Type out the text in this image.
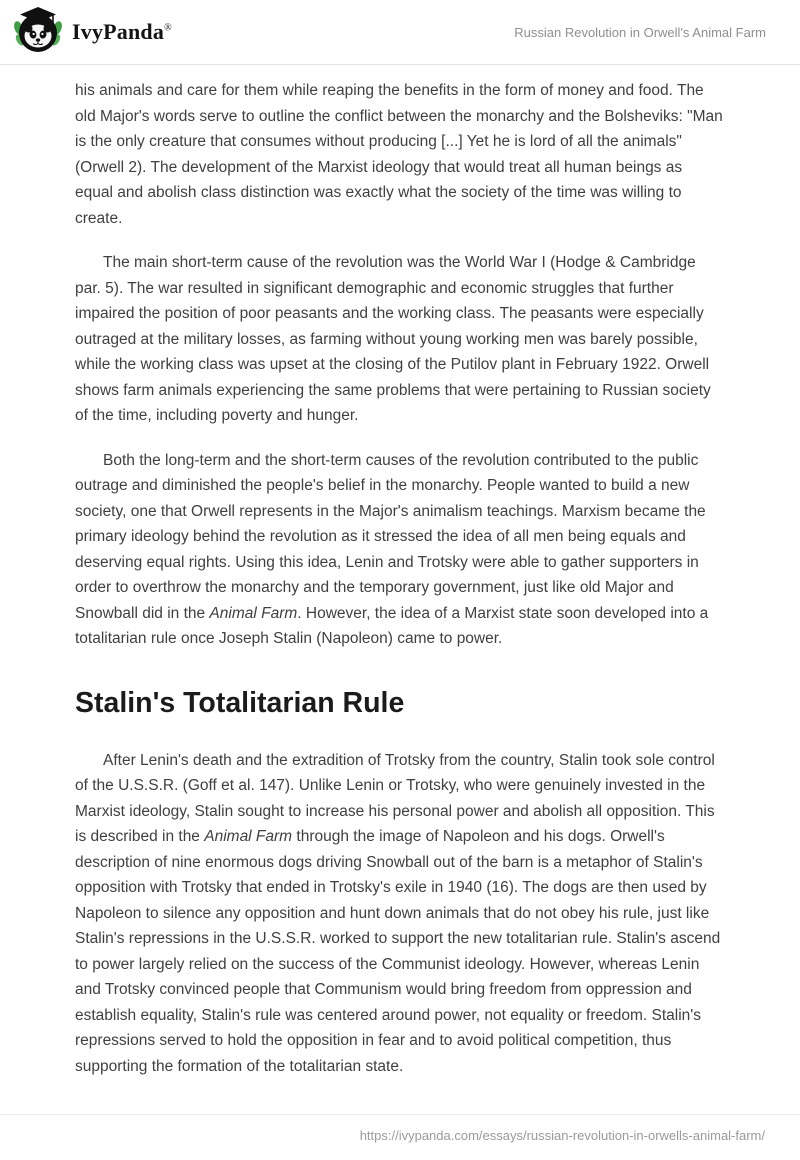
IvyPanda®	Russian Revolution in Orwell's Animal Farm

his animals and care for them while reaping the benefits in the form of money and food. The old Major's words serve to outline the conflict between the monarchy and the Bolsheviks: "Man is the only creature that consumes without producing [...] Yet he is lord of all the animals" (Orwell 2). The development of the Marxist ideology that would treat all human beings as equal and abolish class distinction was exactly what the society of the time was willing to create.

The main short-term cause of the revolution was the World War I (Hodge & Cambridge par. 5). The war resulted in significant demographic and economic struggles that further impaired the position of poor peasants and the working class. The peasants were especially outraged at the military losses, as farming without young working men was barely possible, while the working class was upset at the closing of the Putilov plant in February 1922. Orwell shows farm animals experiencing the same problems that were pertaining to Russian society of the time, including poverty and hunger.

Both the long-term and the short-term causes of the revolution contributed to the public outrage and diminished the people's belief in the monarchy. People wanted to build a new society, one that Orwell represents in the Major's animalism teachings. Marxism became the primary ideology behind the revolution as it stressed the idea of all men being equals and deserving equal rights. Using this idea, Lenin and Trotsky were able to gather supporters in order to overthrow the monarchy and the temporary government, just like old Major and Snowball did in the Animal Farm. However, the idea of a Marxist state soon developed into a totalitarian rule once Joseph Stalin (Napoleon) came to power.

Stalin's Totalitarian Rule

After Lenin's death and the extradition of Trotsky from the country, Stalin took sole control of the U.S.S.R. (Goff et al. 147). Unlike Lenin or Trotsky, who were genuinely invested in the Marxist ideology, Stalin sought to increase his personal power and abolish all opposition. This is described in the Animal Farm through the image of Napoleon and his dogs. Orwell's description of nine enormous dogs driving Snowball out of the barn is a metaphor of Stalin's opposition with Trotsky that ended in Trotsky's exile in 1940 (16). The dogs are then used by Napoleon to silence any opposition and hunt down animals that do not obey his rule, just like Stalin's repressions in the U.S.S.R. worked to support the new totalitarian rule. Stalin's ascend to power largely relied on the success of the Communist ideology. However, whereas Lenin and Trotsky convinced people that Communism would bring freedom from oppression and establish equality, Stalin's rule was centered around power, not equality or freedom. Stalin's repressions served to hold the opposition in fear and to avoid political competition, thus supporting the formation of the totalitarian state.

https://ivypanda.com/essays/russian-revolution-in-orwells-animal-farm/
